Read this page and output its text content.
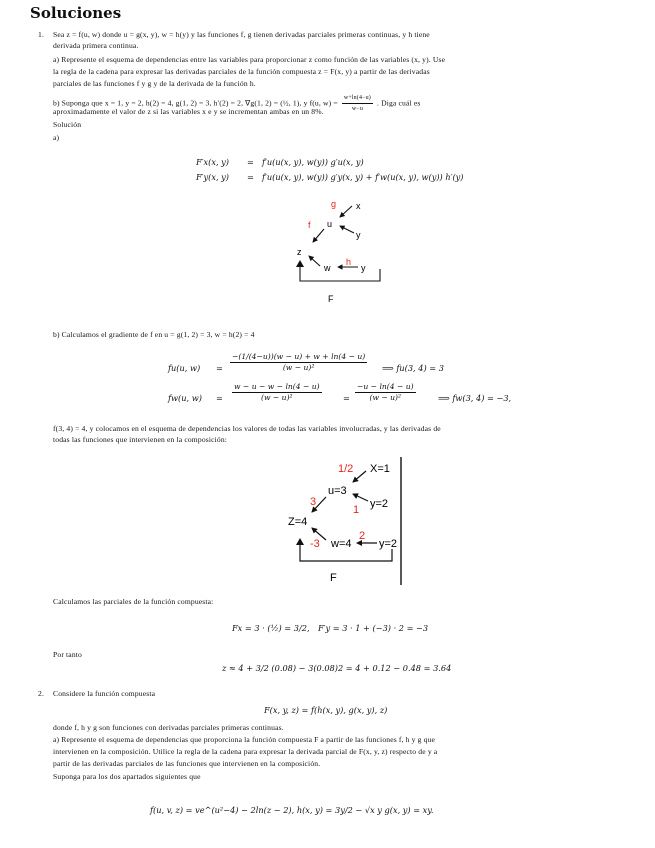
Soluciones
1. Sea z = f(u, w) donde u = g(x, y), w = h(y) y las funciones f, g tienen derivadas parciales primeras continuas, y h tiene
derivada primera continua.
a) Represente el esquema de dependencias entre las variables para proporcionar z como función de las variables (x, y). Use
la regla de la cadena para expresar las derivadas parciales de la función compuesta z = F(x, y) a partir de las derivadas
parciales de las funciones f y g y de la derivada de la función h.
b) Suponga que x = 1, y = 2, h(2) = 4, g(1, 2) = 3, h′(2) = 2, ∇g(1, 2) = (½, 1), y f(u, $w) = \frac{w+\ln(4-u)}{w-u}$ . Diga cuál es
aproximadamente el valor de z si las variables x e y se incrementan ambas en un 8%.
Solución
a)
F′x(x, y) = f′u(u(x, y), w(y)) g′u(x, y)
F′y(x, y) = f′u(u(x, y), w(y)) g′y(x, y) + f′w(u(x, y), w(y)) h′(y)
x
g
u
y
f
z
w
h
y
F
b) Calculamos el gradiente de f en u = g(1, 2) = 3, w = h(2) = 4
fu(u, $w) = \frac{-(1/(4-u))(w - u) + w + \ln(4 - u)}{\text{(w − u)²}}$ ⟹ fu(3, 4) = 3
fw(u, $w) = \frac{w - u - w - \ln(4 - u)}{\text{(w − u)²}}$	= $\frac{-u - \ln(4 - u)}{\text{(w − u)²}}$	⟹ fw(3, 4) = −3,
f(3, 4) = 4, y colocamos en el esquema de dependencias los valores de todas las variables involucradas, y las derivadas de
todas las funciones que intervienen en la composición:
1/2 X=1
u=3
y=2
1
3
Z=4
-3 w=4
2
y=2
F
Calculamos las parciales de la función compuesta:
Fx = 3 · (½) = 3/2, F′y = 3 · 1 + (−3) · 2 = −3
Por tanto
z ≈ 4 + 3/2 (0.08) − 3(0.08)2 = 4 + 0.12 − 0.48 = 3.64
2. Considere la función compuesta
F(x, y, z) = f(h(x, y), g(x, y), z)
donde f, h y g son funciones con derivadas parciales primeras continuas.
a) Represente el esquema de dependencias que proporciona la función compuesta F a partir de las funciones f, h y g que
intervienen en la composición. Utilice la regla de la cadena para expresar la derivada parcial de F(x, y, z) respecto de y a
partir de las derivadas parciales de las funciones que intervienen en la composición.
Suponga para los dos apartados siguientes que
f(u, v, z) = ve^(u²−4) − 2ln(z − 2), h(x, y) = 3y/2 − √x y g(x, y) = xy.
